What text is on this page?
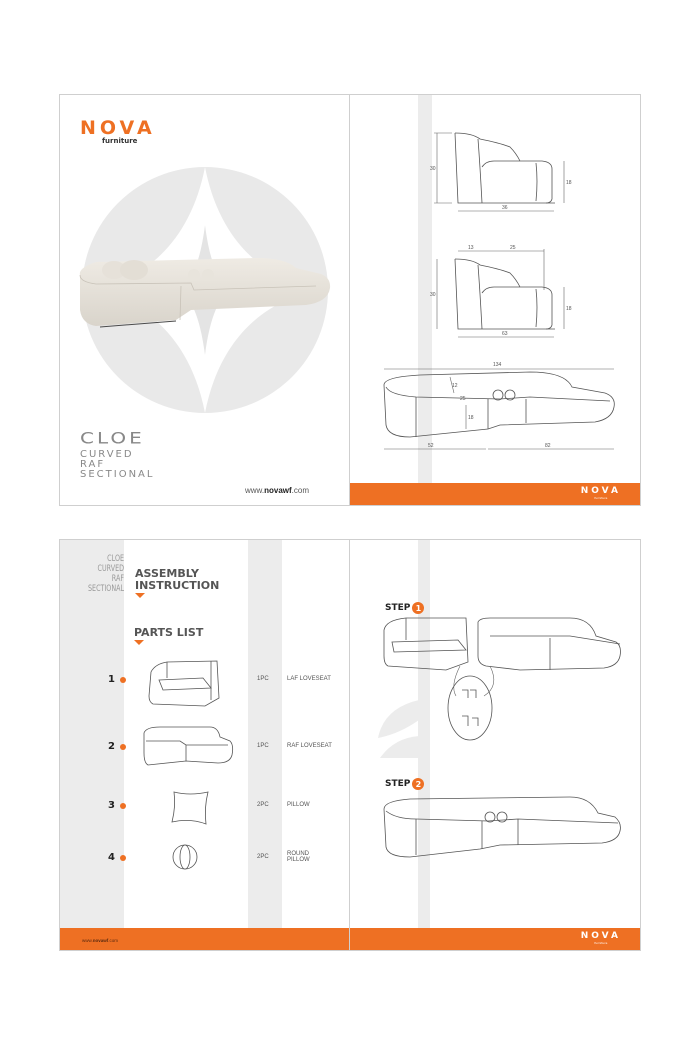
NOVA
furniture
CLOE
CURVED
RAF
SECTIONAL
www.novawf.com
30
18
36
13	25
30
18
63
134
12
25
18
52	82
NOVA
furniture
CLOE
CURVED
RAF
SECTIONAL
ASSEMBLY
INSTRUCTION
PARTS LIST
1	1PC	LAF LOVESEAT
2	1PC	RAF LOVESEAT
3	2PC	PILLOW
4	2PC	ROUND PILLOW
www.novawf.com
STEP 1
STEP 2
NOVA
furniture
